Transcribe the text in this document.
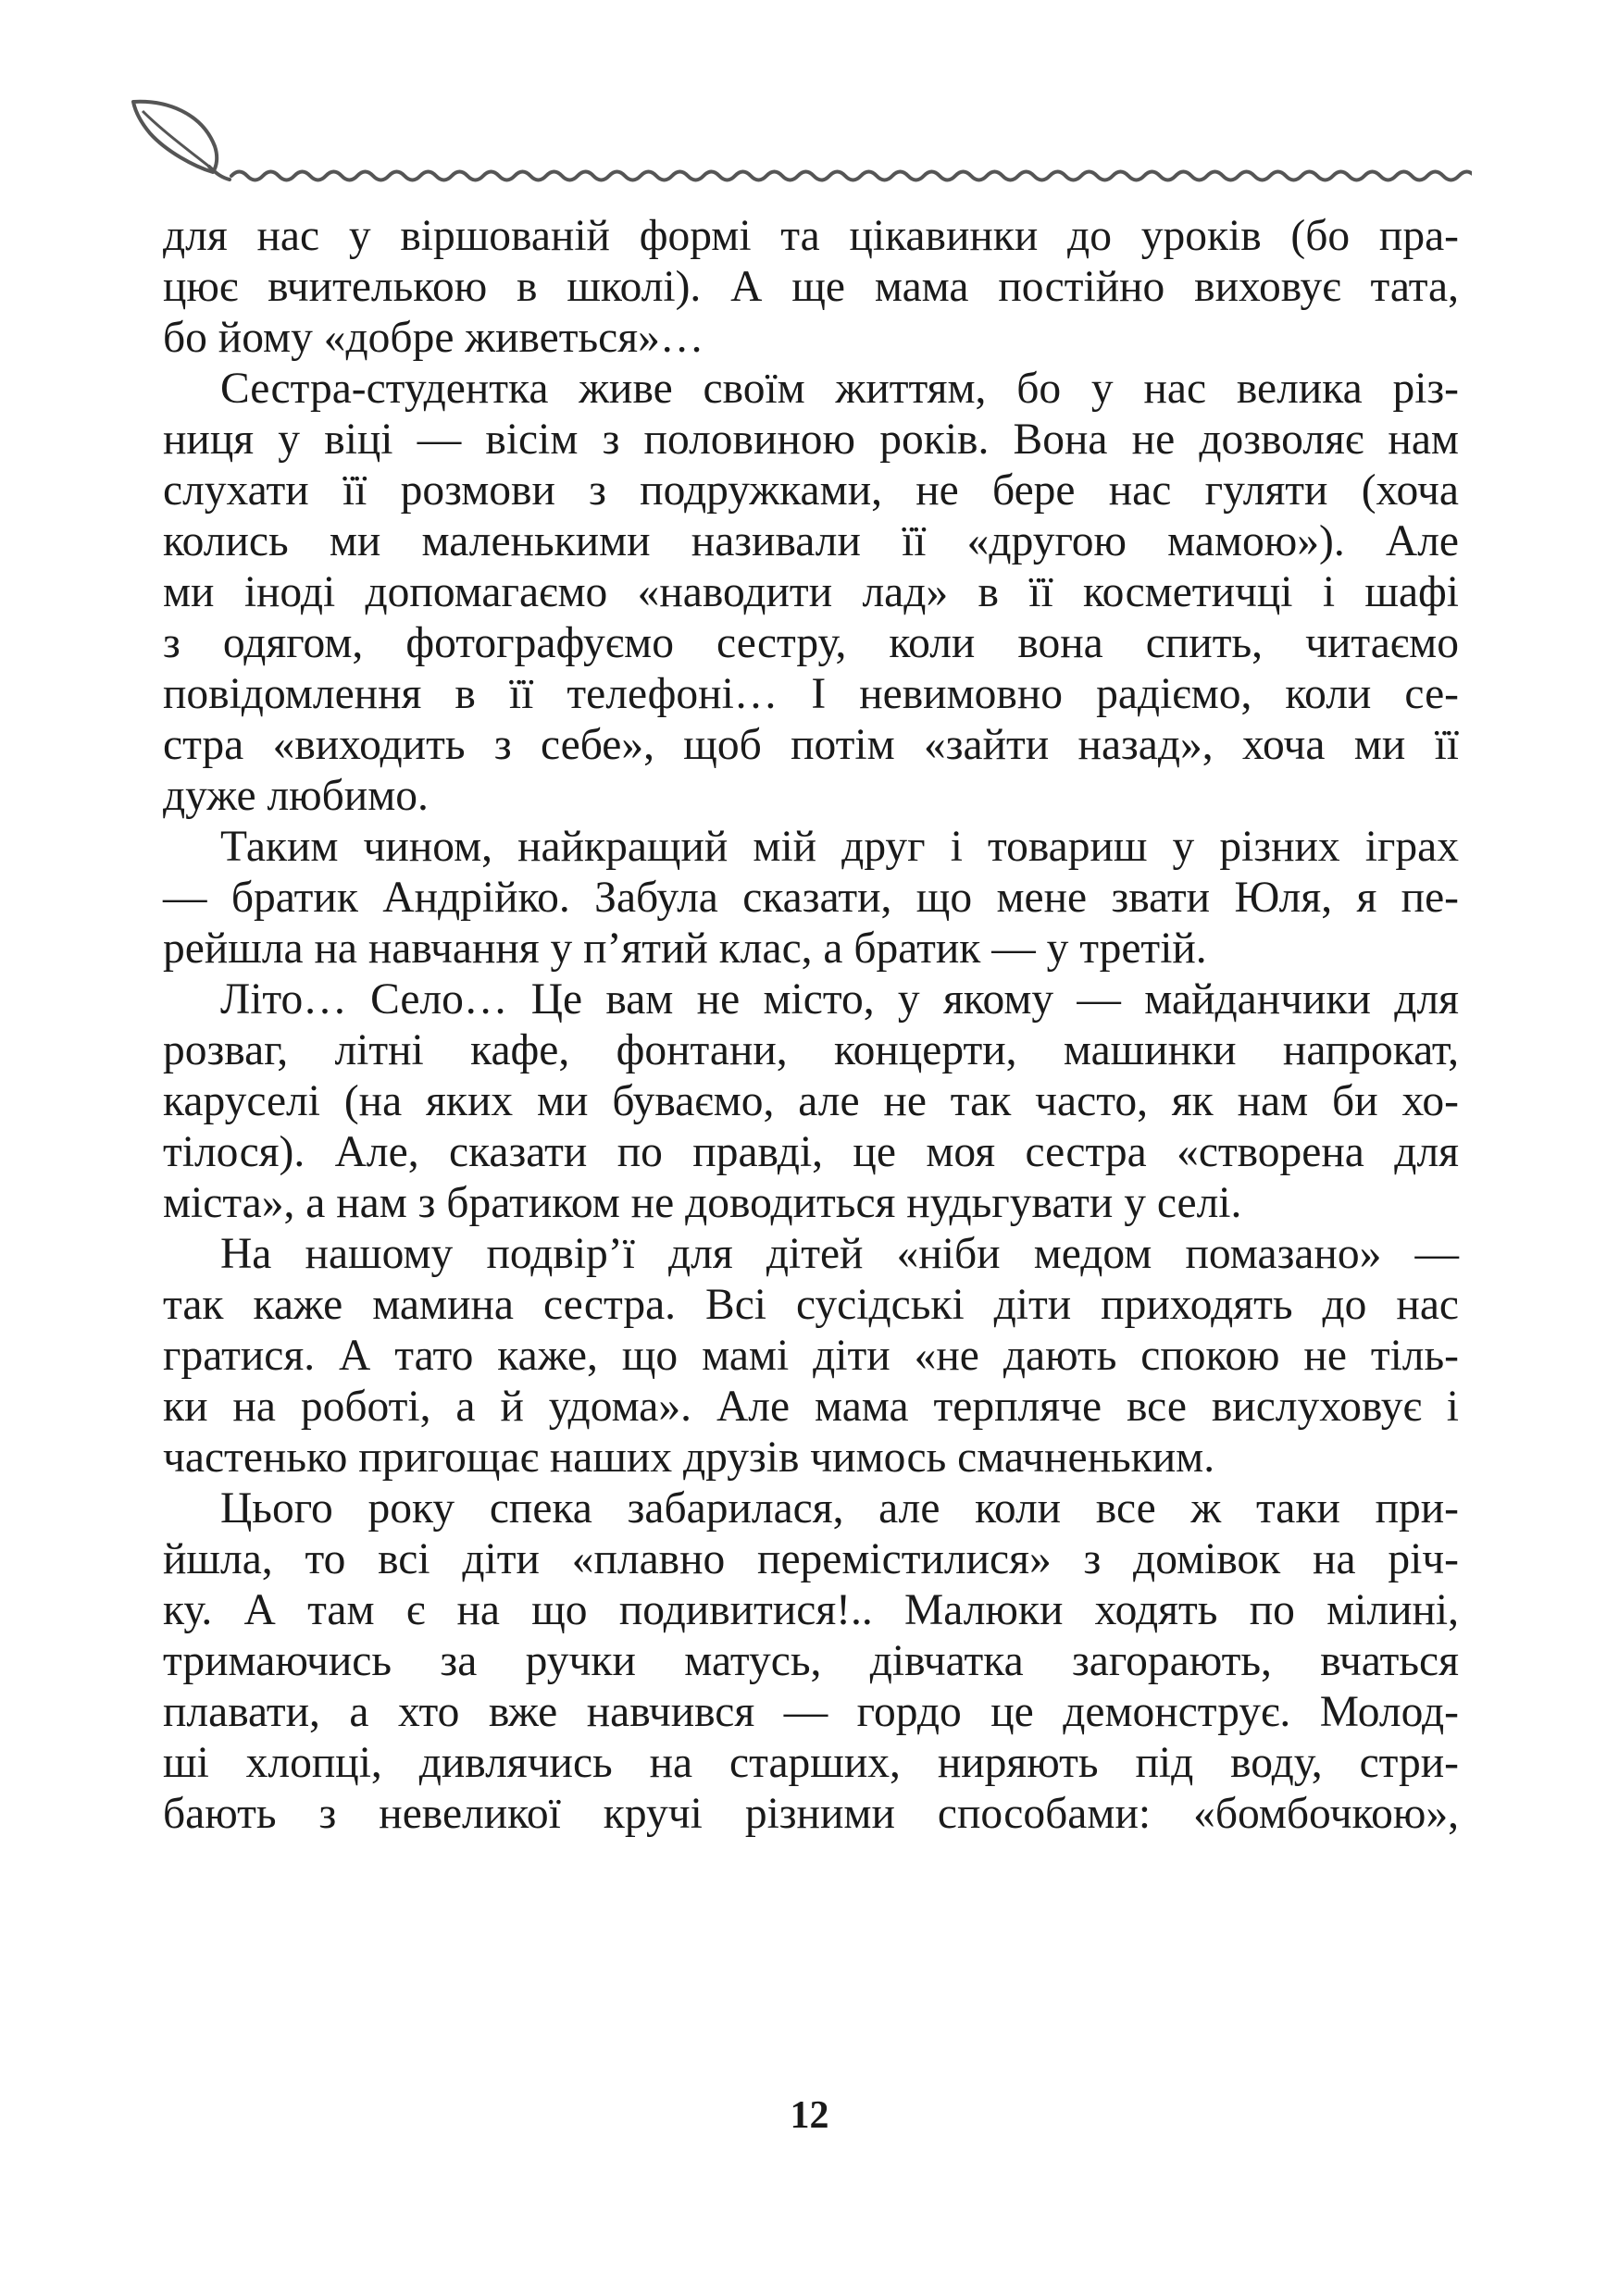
для нас у віршованій формі та цікавинки до уроків (бо пра-
цює вчителькою в школі). А ще мама постійно виховує тата,
бо йому «добре живеться»…
Сестра-студентка живе своїм життям, бо у нас велика різ-
ниця у віці — вісім з половиною років. Вона не дозволяє нам
слухати її розмови з подружками, не бере нас гуляти (хоча
колись ми маленькими називали її «другою мамою»). Але
ми іноді допомагаємо «наводити лад» в її косметичці і шафі
з одягом, фотографуємо сестру, коли вона спить, читаємо
повідомлення в її телефоні… І невимовно радіємо, коли се-
стра «виходить з себе», щоб потім «зайти назад», хоча ми її
дуже любимо.
Таким чином, найкращий мій друг і товариш у різних іграх
— братик Андрійко. Забула сказати, що мене звати Юля, я пе-
рейшла на навчання у п’ятий клас, а братик — у третій.
Літо… Село… Це вам не місто, у якому — майданчики для
розваг, літні кафе, фонтани, концерти, машинки напрокат,
каруселі (на яких ми буваємо, але не так часто, як нам би хо-
тілося). Але, сказати по правді, це моя сестра «створена для
міста», а нам з братиком не доводиться нудьгувати у селі.
На нашому подвір’ї для дітей «ніби медом помазано» —
так каже мамина сестра. Всі сусідські діти приходять до нас
гратися. А тато каже, що мамі діти «не дають спокою не тіль-
ки на роботі, а й удома». Але мама терпляче все вислуховує і
частенько пригощає наших друзів чимось смачненьким.
Цього року спека забарилася, але коли все ж таки при-
йшла, то всі діти «плавно перемістилися» з домівок на річ-
ку. А там є на що подивитися!.. Малюки ходять по мілині,
тримаючись за ручки матусь, дівчатка загорають, вчаться
плавати, а хто вже навчився — гордо це демонструє. Молод-
ші хлопці, дивлячись на старших, ниряють під воду, стри-
бають з невеликої кручі різними способами: «бомбочкою»,
12
